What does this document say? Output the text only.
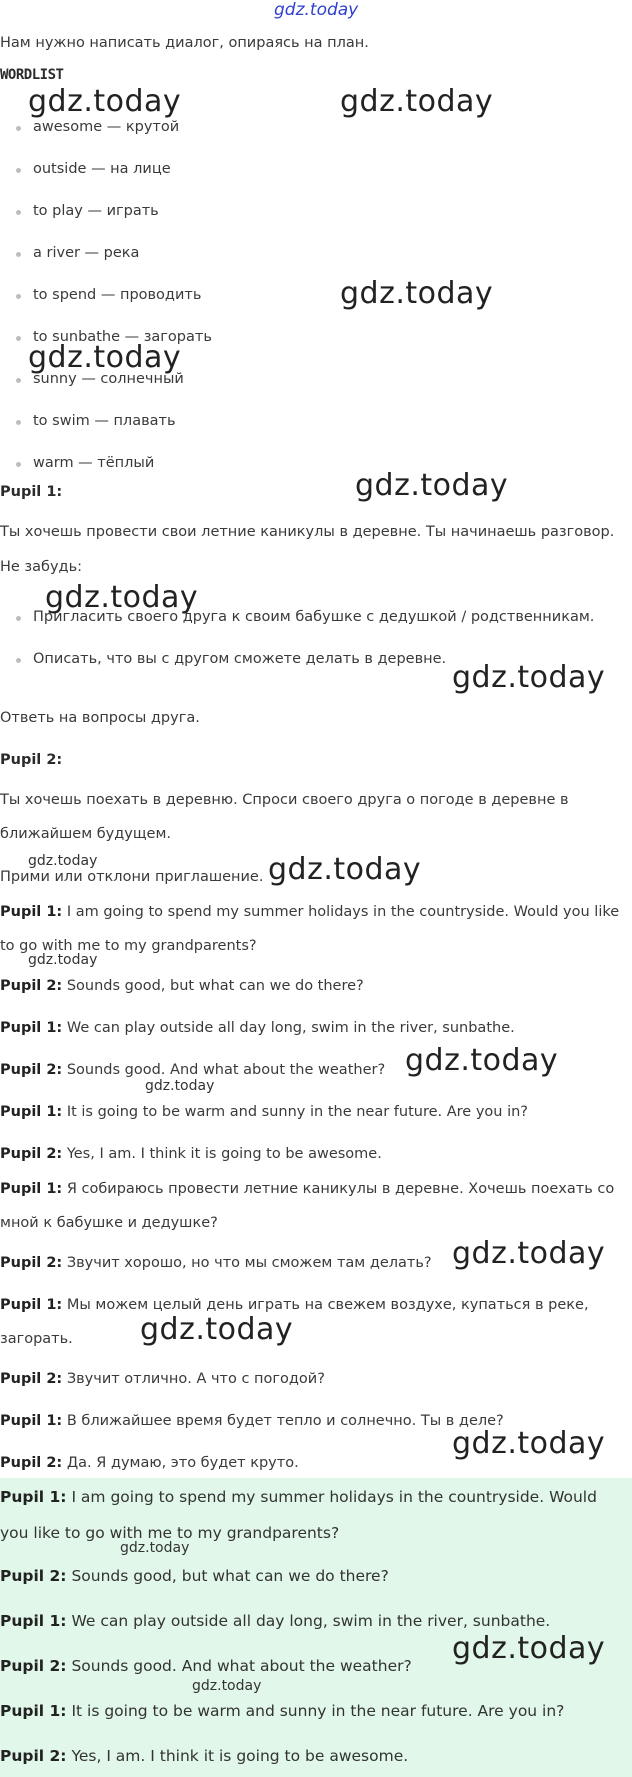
gdz.today
Нам нужно написать диалог, опираясь на план.
WORDLIST
awesome — крутой
outside — на лице
to play — играть
a river — река
to spend — проводить
to sunbathe — загорать
sunny — солнечный
to swim — плавать
warm — тёплый
Pupil 1:
Ты хочешь провести свои летние каникулы в деревне. Ты начинаешь разговор.
Не забудь:
Пригласить своего друга к своим бабушке с дедушкой / родственникам.
Описать, что вы с другом сможете делать в деревне.
Ответь на вопросы друга.
Pupil 2:
Ты хочешь поехать в деревню. Спроси своего друга о погоде в деревне в
ближайшем будущем.
Прими или отклони приглашение.
Pupil 1: I am going to spend my summer holidays in the countryside. Would you like
to go with me to my grandparents?
Pupil 2: Sounds good, but what can we do there?
Pupil 1: We can play outside all day long, swim in the river, sunbathe.
Pupil 2: Sounds good. And what about the weather?
Pupil 1: It is going to be warm and sunny in the near future. Are you in?
Pupil 2: Yes, I am. I think it is going to be awesome.
Pupil 1: Я собираюсь провести летние каникулы в деревне. Хочешь поехать со
мной к бабушке и дедушке?
Pupil 2: Звучит хорошо, но что мы сможем там делать?
Pupil 1: Мы можем целый день играть на свежем воздухе, купаться в реке,
загорать.
Pupil 2: Звучит отлично. А что с погодой?
Pupil 1: В ближайшее время будет тепло и солнечно. Ты в деле?
Pupil 2: Да. Я думаю, это будет круто.
Pupil 1: I am going to spend my summer holidays in the countryside. Would
you like to go with me to my grandparents?
Pupil 2: Sounds good, but what can we do there?
Pupil 1: We can play outside all day long, swim in the river, sunbathe.
Pupil 2: Sounds good. And what about the weather?
Pupil 1: It is going to be warm and sunny in the near future. Are you in?
Pupil 2: Yes, I am. I think it is going to be awesome.
gdz.today	gdz.today
gdz.today
gdz.today
gdz.today
gdz.today
gdz.today
gdz.today
gdz.today
gdz.today
gdz.today
gdz.today
gdz.today
gdz.today
gdz.today
gdz.today
gdz.today
gdz.today
